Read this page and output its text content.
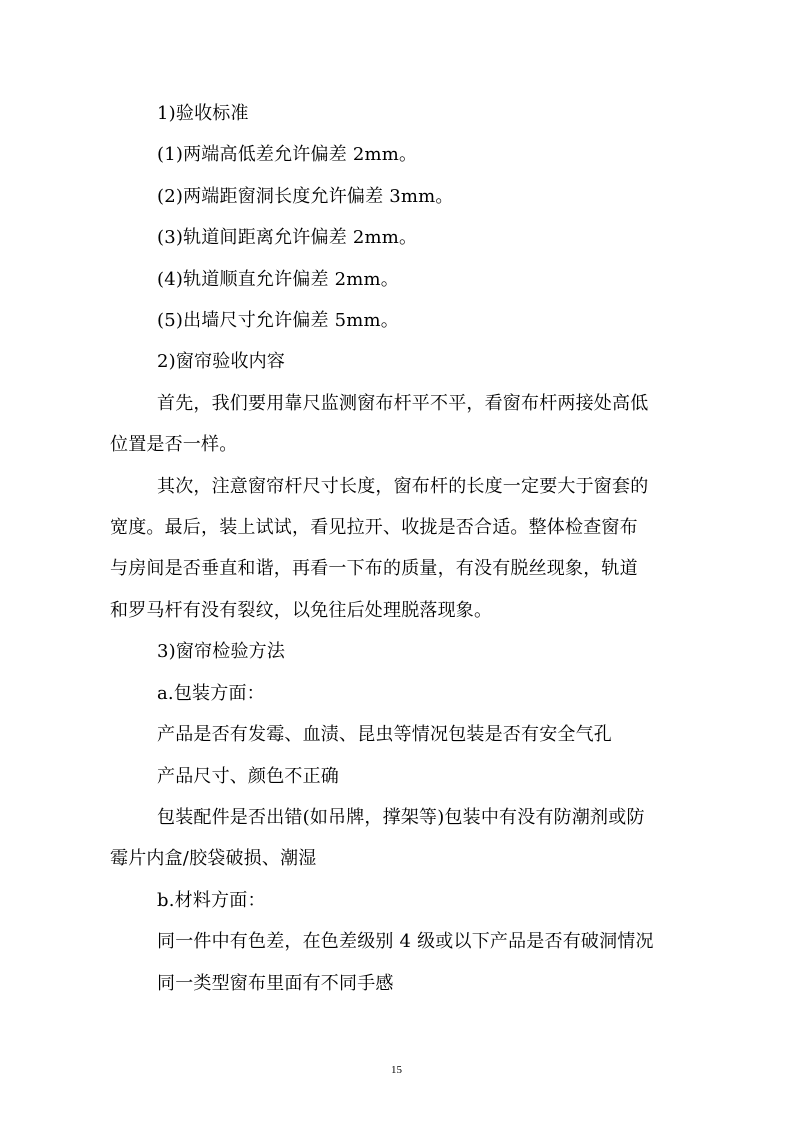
1)验收标准
(1)两端高低差允许偏差 2mm。
(2)两端距窗洞长度允许偏差 3mm。
(3)轨道间距离允许偏差 2mm。
(4)轨道顺直允许偏差 2mm。
(5)出墙尺寸允许偏差 5mm。
2)窗帘验收内容
首先，我们要用靠尺监测窗布杆平不平，看窗布杆两接处高低
位置是否一样。
其次，注意窗帘杆尺寸长度，窗布杆的长度一定要大于窗套的
宽度。最后，装上试试，看见拉开、收拢是否合适。整体检查窗布
与房间是否垂直和谐，再看一下布的质量，有没有脱丝现象，轨道
和罗马杆有没有裂纹，以免往后处理脱落现象。
3)窗帘检验方法
a.包装方面：
产品是否有发霉、血渍、昆虫等情况包装是否有安全气孔
产品尺寸、颜色不正确
包装配件是否出错(如吊牌，撑架等)包装中有没有防潮剂或防
霉片内盒/胶袋破损、潮湿
b.材料方面：
同一件中有色差，在色差级别 4 级或以下产品是否有破洞情况
同一类型窗布里面有不同手感
15
